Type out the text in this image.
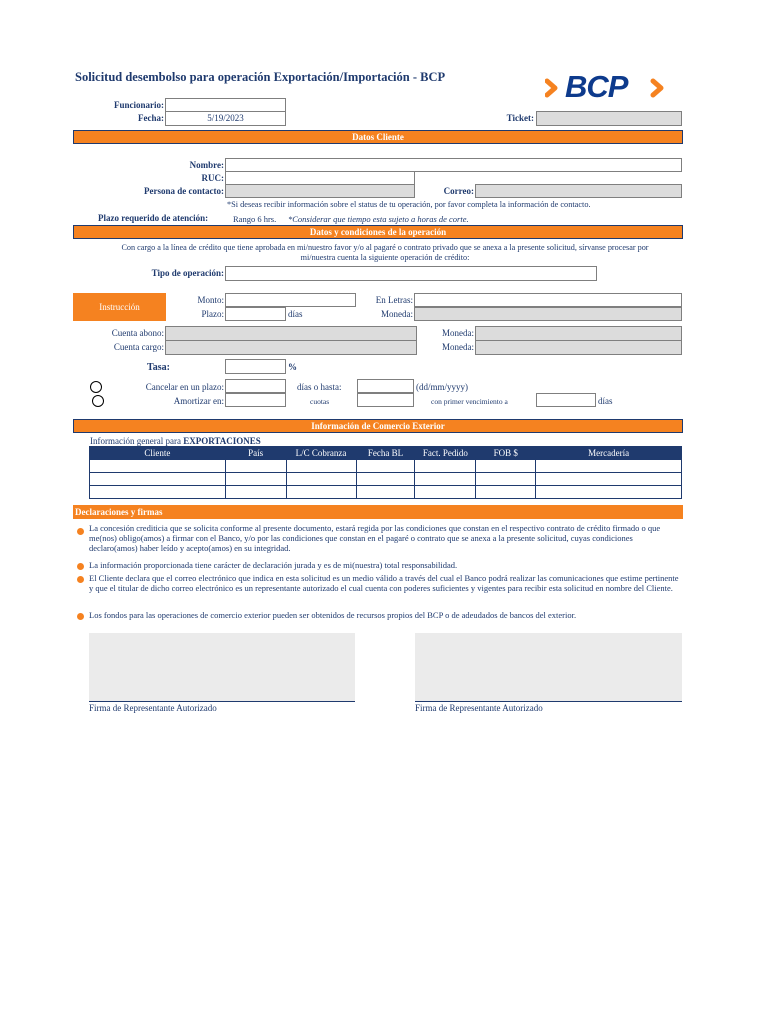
Solicitud desembolso para operación Exportación/Importación - BCP	BCP
Funcionario:
Fecha:	5/19/2023	Ticket:
Datos Cliente
Nombre:
RUC:
Persona de contacto:	Correo:
*Si deseas recibir información sobre el status de tu operación, por favor completa la información de contacto.
Plazo requerido de atención:	Rango 6 hrs. *Considerar que tiempo esta sujeto a horas de corte.
Datos y condiciones de la operación
Con cargo a la línea de crédito que tiene aprobada en mi/nuestro favor y/o al pagaré o contrato privado que se anexa a la presente solicitud, sírvanse procesar por mi/nuestra cuenta la siguiente operación de crédito:
Tipo de operación:
Instrucción
Monto:	En Letras:
Plazo:	días	Moneda:
Cuenta abono:	Moneda:
Cuenta cargo:	Moneda:
Tasa:	%
Cancelar en un plazo:	días o hasta:	(dd/mm/yyyy)
Amortizar en:	cuotas	con primer vencimiento a	días
Información de Comercio Exterior
Información general para EXPORTACIONES
Cliente	País	L/C Cobranza	Fecha BL	Fact. Pedido	FOB $	Mercadería

Declaraciones y firmas
La concesión crediticia que se solicita conforme al presente documento, estará regida por las condiciones que constan en el respectivo contrato de crédito firmado o que me(nos) obligo(amos) a firmar con el Banco, y/o por las condiciones que constan en el pagaré o contrato que se anexa a la presente solicitud, cuyas condiciones declaro(amos) haber leído y acepto(amos) en su integridad.
La información proporcionada tiene carácter de declaración jurada y es de mi(nuestra) total responsabilidad.
El Cliente declara que el correo electrónico que indica en esta solicitud es un medio válido a través del cual el Banco podrá realizar las comunicaciones que estime pertinente y que el titular de dicho correo electrónico es un representante autorizado el cual cuenta con poderes suficientes y vigentes para recibir esta solicitud en nombre del Cliente.
Los fondos para las operaciones de comercio exterior pueden ser obtenidos de recursos propios del BCP o de adeudados de bancos del exterior.
Firma de Representante Autorizado	Firma de Representante Autorizado
